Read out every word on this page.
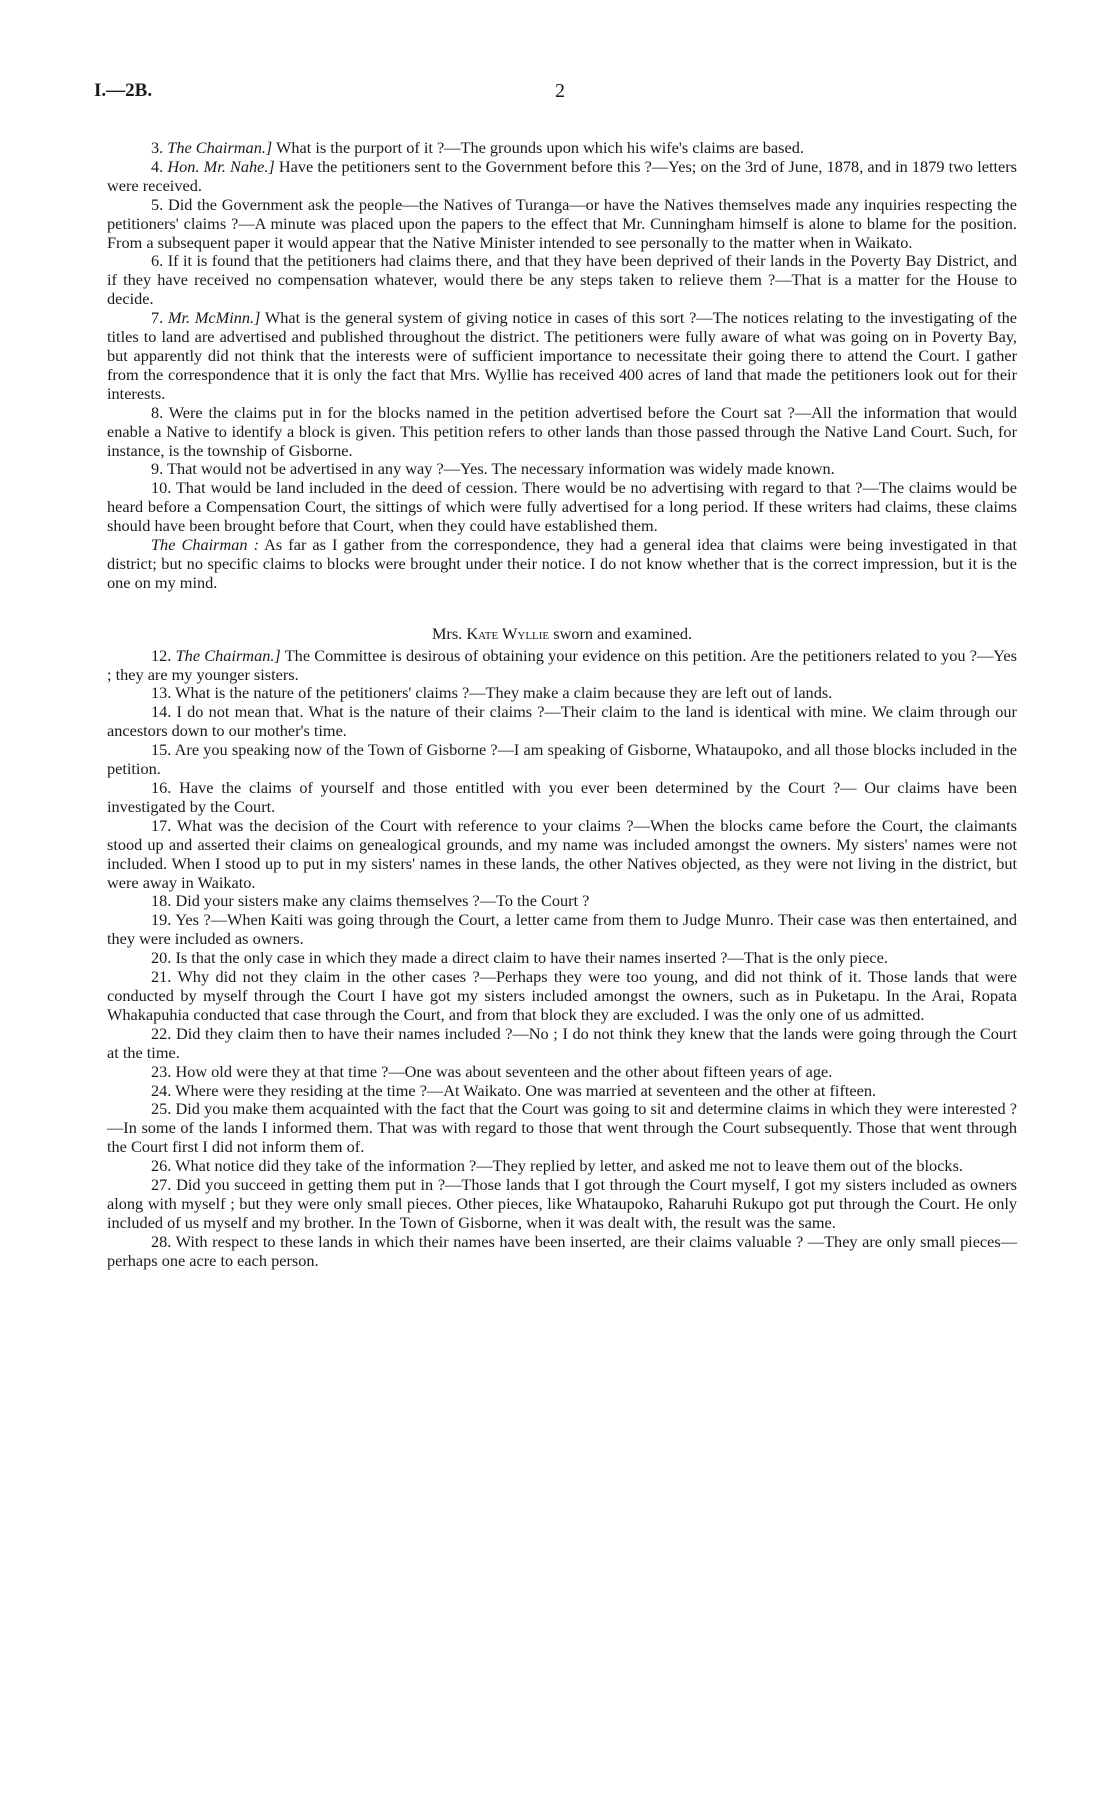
I.—2B.	2

3. The Chairman.] What is the purport of it ?—The grounds upon which his wife's claims are based.

4. Hon. Mr. Nahe.] Have the petitioners sent to the Government before this ?—Yes; on the 3rd of June, 1878, and in 1879 two letters were received.

5. Did the Government ask the people—the Natives of Turanga—or have the Natives themselves made any inquiries respecting the petitioners' claims ?—A minute was placed upon the papers to the effect that Mr. Cunningham himself is alone to blame for the position. From a subsequent paper it would appear that the Native Minister intended to see personally to the matter when in Waikato.

6. If it is found that the petitioners had claims there, and that they have been deprived of their lands in the Poverty Bay District, and if they have received no compensation whatever, would there be any steps taken to relieve them ?—That is a matter for the House to decide.

7. Mr. McMinn.] What is the general system of giving notice in cases of this sort ?—The notices relating to the investigating of the titles to land are advertised and published throughout the district. The petitioners were fully aware of what was going on in Poverty Bay, but apparently did not think that the interests were of sufficient importance to necessitate their going there to attend the Court. I gather from the correspondence that it is only the fact that Mrs. Wyllie has received 400 acres of land that made the petitioners look out for their interests.

8. Were the claims put in for the blocks named in the petition advertised before the Court sat ?—All the information that would enable a Native to identify a block is given. This petition refers to other lands than those passed through the Native Land Court. Such, for instance, is the township of Gisborne.

9. That would not be advertised in any way ?—Yes. The necessary information was widely made known.

10. That would be land included in the deed of cession. There would be no advertising with regard to that ?—The claims would be heard before a Compensation Court, the sittings of which were fully advertised for a long period. If these writers had claims, these claims should have been brought before that Court, when they could have established them.

The Chairman : As far as I gather from the correspondence, they had a general idea that claims were being investigated in that district; but no specific claims to blocks were brought under their notice. I do not know whether that is the correct impression, but it is the one on my mind.

Mrs. Kate Wyllie sworn and examined.

12. The Chairman.] The Committee is desirous of obtaining your evidence on this petition. Are the petitioners related to you ?—Yes ; they are my younger sisters.

13. What is the nature of the petitioners' claims ?—They make a claim because they are left out of lands.

14. I do not mean that. What is the nature of their claims ?—Their claim to the land is identical with mine. We claim through our ancestors down to our mother's time.

15. Are you speaking now of the Town of Gisborne ?—I am speaking of Gisborne, Whataupoko, and all those blocks included in the petition.

16. Have the claims of yourself and those entitled with you ever been determined by the Court ?— Our claims have been investigated by the Court.

17. What was the decision of the Court with reference to your claims ?—When the blocks came before the Court, the claimants stood up and asserted their claims on genealogical grounds, and my name was included amongst the owners. My sisters' names were not included. When I stood up to put in my sisters' names in these lands, the other Natives objected, as they were not living in the district, but were away in Waikato.

18. Did your sisters make any claims themselves ?—To the Court ?

19. Yes ?—When Kaiti was going through the Court, a letter came from them to Judge Munro. Their case was then entertained, and they were included as owners.

20. Is that the only case in which they made a direct claim to have their names inserted ?—That is the only piece.

21. Why did not they claim in the other cases ?—Perhaps they were too young, and did not think of it. Those lands that were conducted by myself through the Court I have got my sisters included amongst the owners, such as in Puketapu. In the Arai, Ropata Whakapuhia conducted that case through the Court, and from that block they are excluded. I was the only one of us admitted.

22. Did they claim then to have their names included ?—No ; I do not think they knew that the lands were going through the Court at the time.

23. How old were they at that time ?—One was about seventeen and the other about fifteen years of age.

24. Where were they residing at the time ?—At Waikato. One was married at seventeen and the other at fifteen.

25. Did you make them acquainted with the fact that the Court was going to sit and determine claims in which they were interested ?—In some of the lands I informed them. That was with regard to those that went through the Court subsequently. Those that went through the Court first I did not inform them of.

26. What notice did they take of the information ?—They replied by letter, and asked me not to leave them out of the blocks.

27. Did you succeed in getting them put in ?—Those lands that I got through the Court myself, I got my sisters included as owners along with myself ; but they were only small pieces. Other pieces, like Whataupoko, Raharuhi Rukupo got put through the Court. He only included of us myself and my brother. In the Town of Gisborne, when it was dealt with, the result was the same.

28. With respect to these lands in which their names have been inserted, are their claims valuable ? —They are only small pieces—perhaps one acre to each person.
